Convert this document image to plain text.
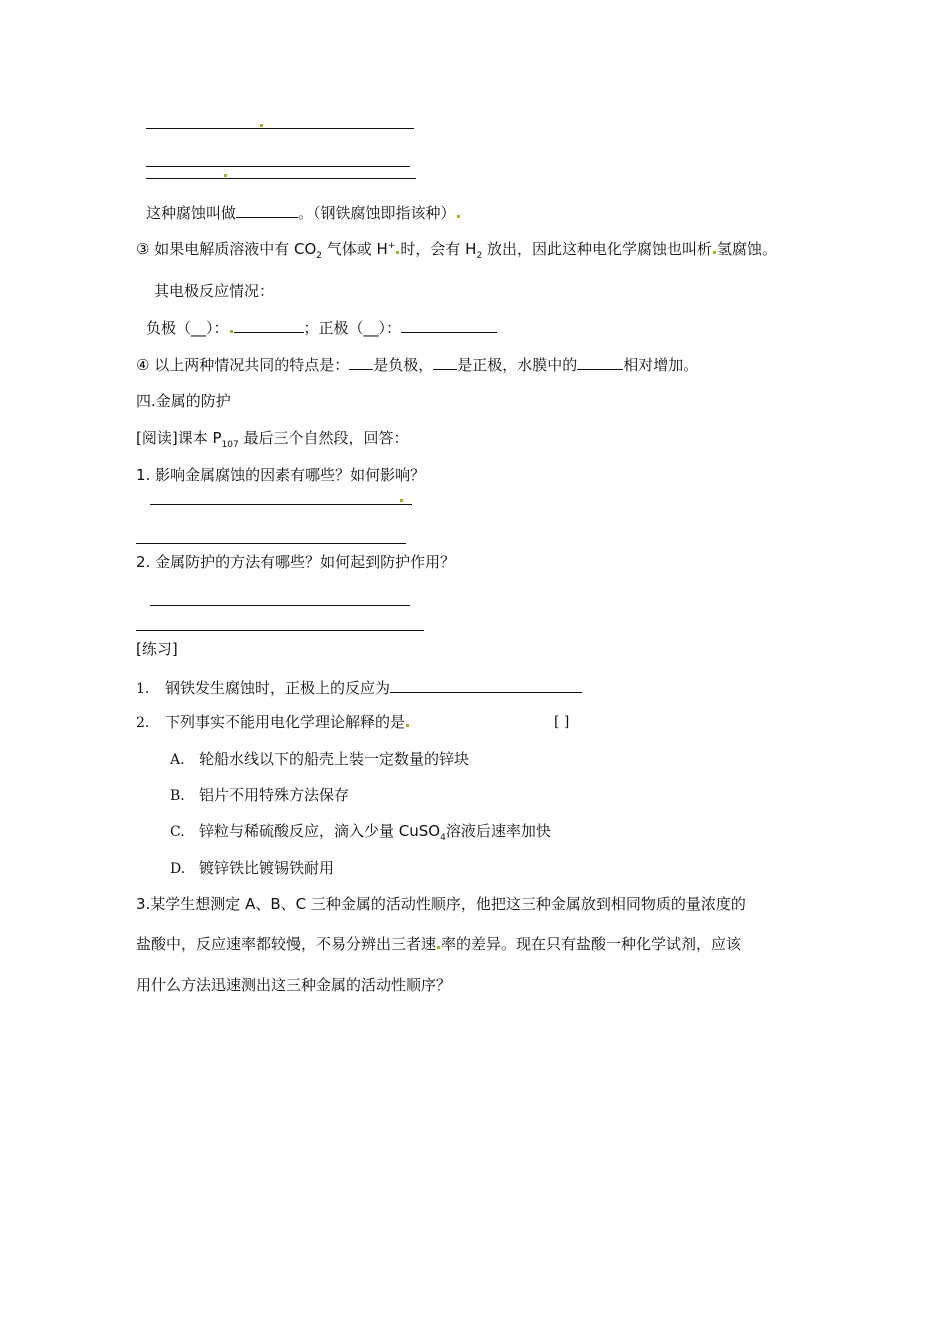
这种腐蚀叫做	。（钢铁腐蚀即指该种）
③ 如果电解质溶液中有 $CO_2$ 气体或 H+ 时，会有 $H_2$ 放出，因此这种电化学腐蚀也叫析 氢腐蚀。
其电极反应情况：
负极（__）：	；正极（__）：
④ 以上两种情况共同的特点是： 是负极， 是正极，水膜中的	相对增加。
四.金属的防护
[阅读]课本 $P_{107}$ 最后三个自然段，回答：
1. 影响金属腐蚀的因素有哪些？如何影响？
2. 金属防护的方法有哪些？如何起到防护作用？
[练习]
1. 钢铁发生腐蚀时，正极上的反应为
2. 下列事实不能用电化学理论解释的是	[ ]
A. 轮船水线以下的船壳上装一定数量的锌块
B. 铝片不用特殊方法保存
C. 锌粒与稀硫酸反应，滴入少量 CuSO$_4$溶液后速率加快
D. 镀锌铁比镀锡铁耐用
3.某学生想测定 A、B、C 三种金属的活动性顺序，他把这三种金属放到相同物质的量浓度的
盐酸中，反应速率都较慢，不易分辨出三者速 率的差异。现在只有盐酸一种化学试剂，应该
用什么方法迅速测出这三种金属的活动性顺序？
